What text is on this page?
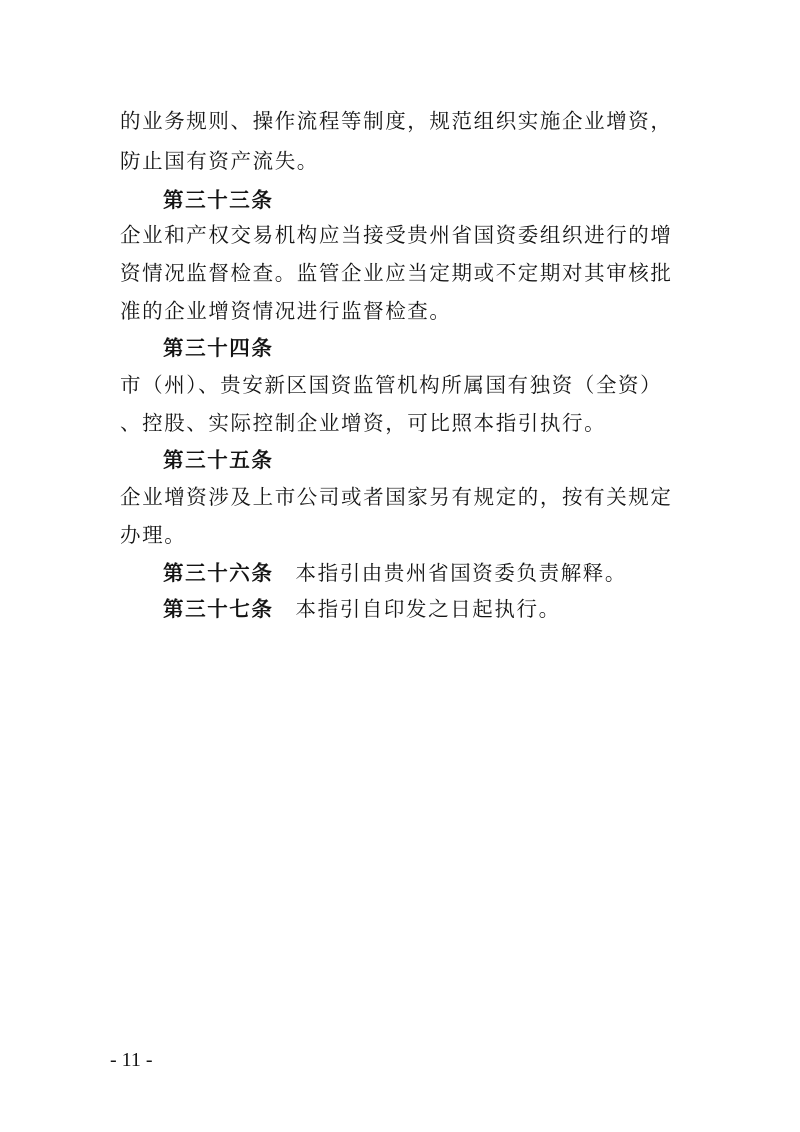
的业务规则、操作流程等制度，规范组织实施企业增资，
防止国有资产流失。
第三十三条
企业和产权交易机构应当接受贵州省国资委组织进行的增
资情况监督检查。监管企业应当定期或不定期对其审核批
准的企业增资情况进行监督检查。
第三十四条
市（州）、贵安新区国资监管机构所属国有独资（全资）
、控股、实际控制企业增资，可比照本指引执行。
第三十五条
企业增资涉及上市公司或者国家另有规定的，按有关规定
办理。
第三十六条 本指引由贵州省国资委负责解释。
第三十七条 本指引自印发之日起执行。
- 11 -
